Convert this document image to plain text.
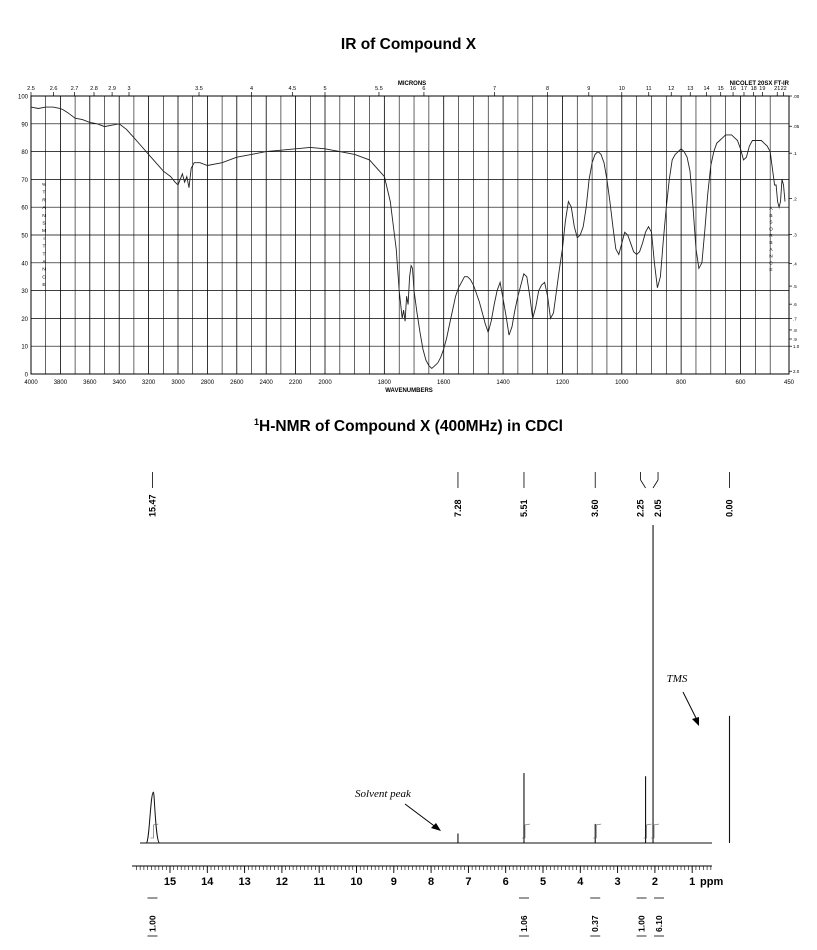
IR of Compound X
MICRONS	NICOLET 20SX FT-IR
WAVENUMBERS
%
T
R
A
N
S
M
I
T
T
A
N
C
E
A
B
S
O
R
B
A
N
C
E
0
10
20
30
40
50
60
70
80
90
100
4000	3800	3600	3400	3200	3000	2800	2600	2400	2200	2000	1800	1600	1400	1200	1000	800	600	450
2.5	2.6 2.7 2.8 2.9 3	3.5	4	4.5	5	5.5	6	7	8	9	10	11	12 13 14 15 16 17 18 19 21 22
.00
.05
.1
.2
.3
.4
.5
.6
.7
.8
.9
1.0
2.0
$^1$H-NMR of Compound X (400MHz) in CDCl
ppm
15 14 13 12 11 10	9	8	7	6	5	4	3	2	1
15.47	7.28	5.51	3.60	2.25 2.05	0.00
1.00	1.06	0.37	1.00 6.10
Solvent peak
TMS
